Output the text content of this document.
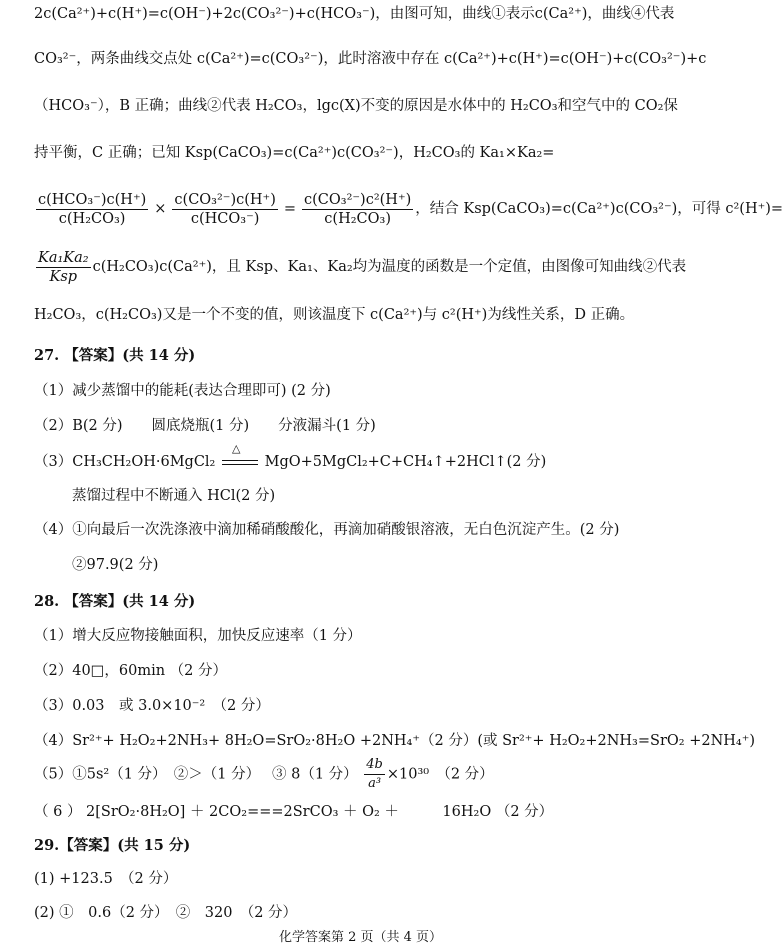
2c(Ca²⁺)+c(H⁺)=c(OH⁻)+2c(CO₃²⁻)+c(HCO₃⁻)，由图可知，曲线①表示c(Ca²⁺)，曲线④代表
CO₃²⁻，两条曲线交点处 c(Ca²⁺)=c(CO₃²⁻)，此时溶液中存在 c(Ca²⁺)+c(H⁺)=c(OH⁻)+c(CO₃²⁻)+c
（HCO₃⁻），B 正确；曲线②代表 H₂CO₃，lgc(X)不变的原因是水体中的 H₂CO₃和空气中的 CO₂保
持平衡，C 正确；已知 Ksp(CaCO₃)=c(Ca²⁺)c(CO₃²⁻)，H₂CO₃的 Ka₁×Ka₂=
$\frac{\text{c(HCO₃⁻)c(H⁺)}}{\text{c(H₂CO₃)}} \times \frac{\text{c(CO₃²⁻)c(H⁺)}}{\text{c(HCO₃⁻)}} = \frac{\text{c(CO₃²⁻)c²(H⁺)}}{\text{c(H₂CO₃)}}$ ，结合 Ksp(CaCO₃)=c(Ca²⁺)c(CO₃²⁻)，可得 c²(H⁺)=
$\frac{\text{Ka₁Ka₂}}{\text{Ksp}} c(H_2CO_3)c(Ca^{2+})$，且 Ksp、Ka₁、Ka₂均为温度的函数是一个定值，由图像可知曲线②代表
H₂CO₃，c(H₂CO₃)又是一个不变的值，则该温度下 c(Ca²⁺)与 c²(H⁺)为线性关系，D 正确。
27. 【答案】(共 14 分)
（1）减少蒸馏中的能耗(表达合理即可) (2 分)
（2）B(2 分)　　圆底烧瓶(1 分)　　分液漏斗(1 分)
（3）CH₃CH₂OH·6MgCl₂
△
MgO+5MgCl₂+C+CH₄↑+2HCl↑(2 分)
蒸馏过程中不断通入 HCl(2 分)
（4）①向最后一次洗涤液中滴加稀硝酸酸化，再滴加硝酸银溶液，无白色沉淀产生。(2 分)
②97.9(2 分)
28. 【答案】(共 14 分)
（1）增大反应物接触面积，加快反应速率（1 分）
（2）40□，60min （2 分）
（3）0.03　或 3.0×10⁻²　（2 分）
（4）Sr²⁺+ H₂O₂+2NH₃+ 8H₂O=SrO₂·8H₂O +2NH₄⁺（2 分）(或 Sr²⁺+ H₂O₂+2NH₃=SrO₂ +2NH₄⁺)
（5）①5s²（1 分）　②＞（1 分）　 ③ 8（1 分） $\frac{4b}{\text{a³}} \times 10^{30}$　（2 分）
（ 6 ） 2[SrO₂·8H₂O] ＋ 2CO₂===2SrCO₃ ＋ O₂ ＋　　　16H₂O （2 分）
29.【答案】(共 15 分)
(1) +123.5　（2 分）
(2) ①　0.6（2 分）　②　320　（2 分）
化学答案第 2 页（共 4 页）
